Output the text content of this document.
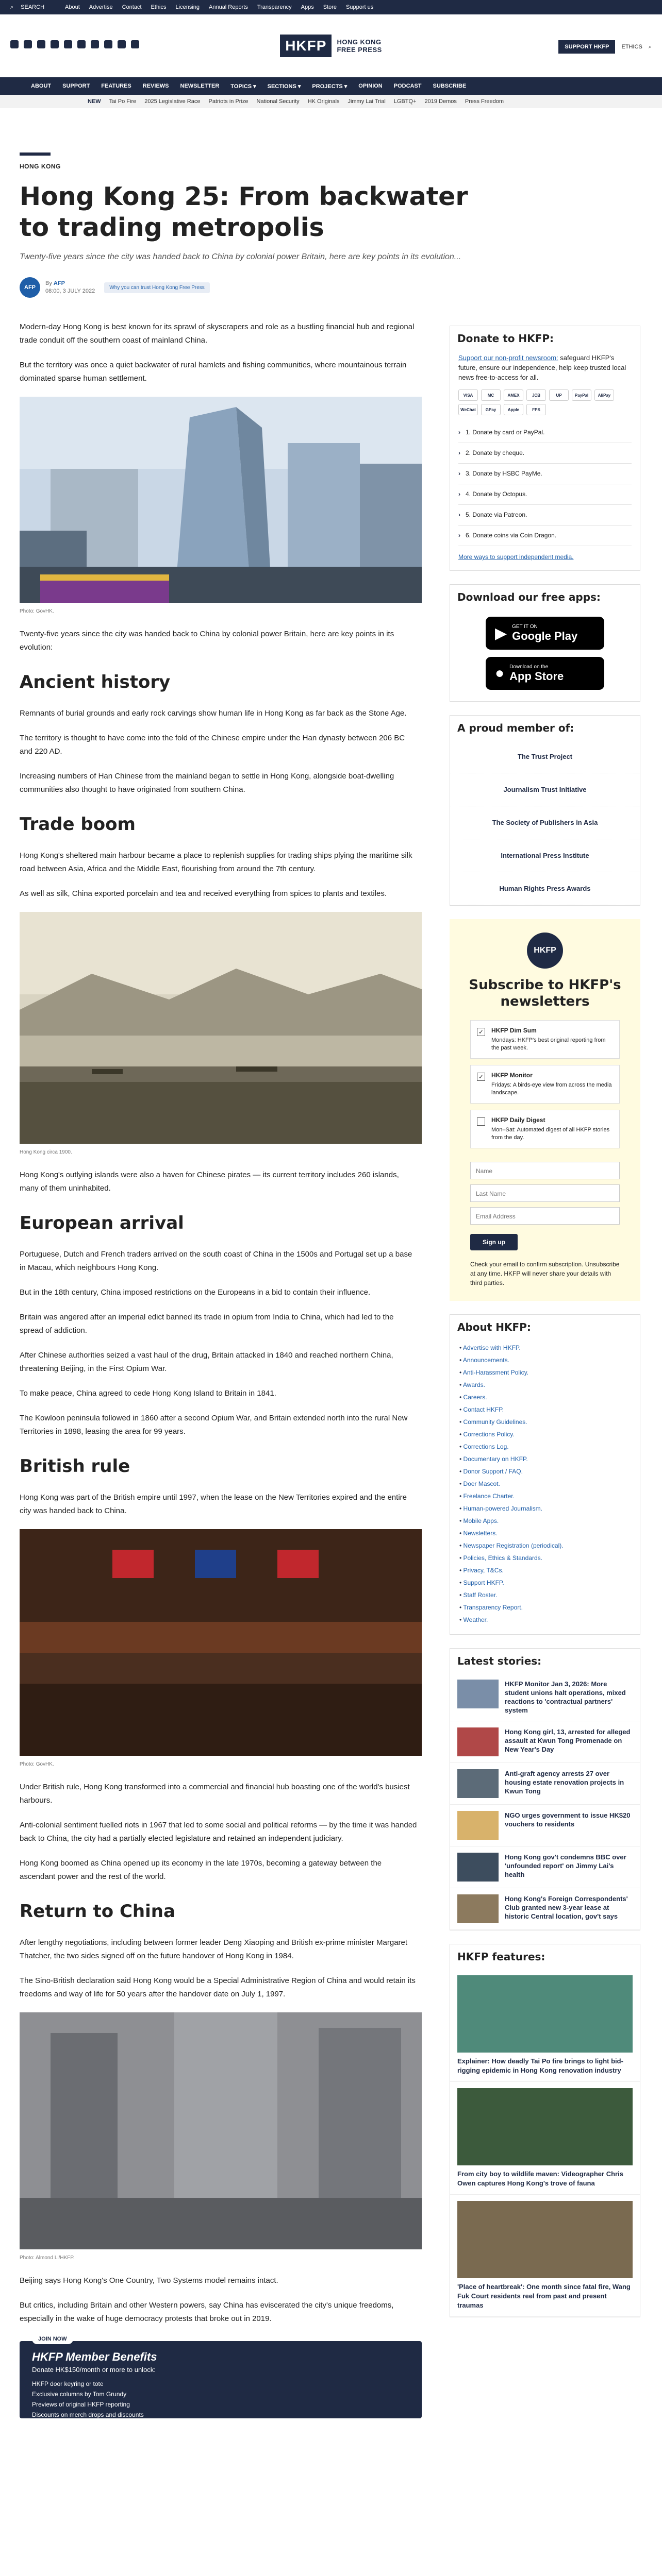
⌕ SEARCH	About Advertise Contact Ethics Licensing Annual Reports Transparency Apps Store Support us
HKFP	HONG KONG
FREE PRESS	SUPPORT HKFP	ETHICS ⌕
ABOUT SUPPORT FEATURES REVIEWS NEWSLETTER TOPICS ▾ SECTIONS ▾ PROJECTS ▾ OPINION PODCAST SUBSCRIBE
NEW Tai Po Fire 2025 Legislative Race Patriots in Prize National Security HK Originals Jimmy Lai Trial LGBTQ+ 2019 Demos Press Freedom
HONG KONG
Hong Kong 25: From backwater to trading metropolis
Twenty-five years since the city was handed back to China by colonial power Britain, here are key points in its evolution...
AFP
By AFP
08:00, 3 JULY 2022
Why you can trust Hong Kong Free Press

Modern-day Hong Kong is best known for its sprawl of skyscrapers and role as a bustling financial hub and regional trade conduit off the southern coast of mainland China.

But the territory was once a quiet backwater of rural hamlets and fishing communities, where mountainous terrain dominated sparse human settlement.

Photo: GovHK.

Twenty-five years since the city was handed back to China by colonial power Britain, here are key points in its evolution:

Ancient history

Remnants of burial grounds and early rock carvings show human life in Hong Kong as far back as the Stone Age.

The territory is thought to have come into the fold of the Chinese empire under the Han dynasty between 206 BC and 220 AD.

Increasing numbers of Han Chinese from the mainland began to settle in Hong Kong, alongside boat-dwelling communities also thought to have originated from southern China.

Trade boom

Hong Kong's sheltered main harbour became a place to replenish supplies for trading ships plying the maritime silk road between Asia, Africa and the Middle East, flourishing from around the 7th century.

As well as silk, China exported porcelain and tea and received everything from spices to plants and textiles.

Hong Kong circa 1900.

Hong Kong's outlying islands were also a haven for Chinese pirates — its current territory includes 260 islands, many of them uninhabited.

European arrival

Portuguese, Dutch and French traders arrived on the south coast of China in the 1500s and Portugal set up a base in Macau, which neighbours Hong Kong.

But in the 18th century, China imposed restrictions on the Europeans in a bid to contain their influence.

Britain was angered after an imperial edict banned its trade in opium from India to China, which had led to the spread of addiction.

After Chinese authorities seized a vast haul of the drug, Britain attacked in 1840 and reached northern China, threatening Beijing, in the First Opium War.

To make peace, China agreed to cede Hong Kong Island to Britain in 1841.

The Kowloon peninsula followed in 1860 after a second Opium War, and Britain extended north into the rural New Territories in 1898, leasing the area for 99 years.

British rule

Hong Kong was part of the British empire until 1997, when the lease on the New Territories expired and the entire city was handed back to China.

Photo: GovHK.

Under British rule, Hong Kong transformed into a commercial and financial hub boasting one of the world's busiest harbours.

Anti-colonial sentiment fuelled riots in 1967 that led to some social and political reforms — by the time it was handed back to China, the city had a partially elected legislature and retained an independent judiciary.

Hong Kong boomed as China opened up its economy in the late 1970s, becoming a gateway between the ascendant power and the rest of the world.

Return to China

After lengthy negotiations, including between former leader Deng Xiaoping and British ex-prime minister Margaret Thatcher, the two sides signed off on the future handover of Hong Kong in 1984.

The Sino-British declaration said Hong Kong would be a Special Administrative Region of China and would retain its freedoms and way of life for 50 years after the handover date on July 1, 1997.

Photo: Almond Li/HKFP.

Beijing says Hong Kong's One Country, Two Systems model remains intact.

But critics, including Britain and other Western powers, say China has eviscerated the city's unique freedoms, especially in the wake of huge democracy protests that broke out in 2019.

JOIN NOW
HKFP Member Benefits
Donate HK$150/month or more to unlock:
HKFP door keyring or tote
Exclusive columns by Tom Grundy
Previews of original HKFP reporting
Discounts on merch drops and discounts
Donate to HKFP:
Support our non-profit newsroom: safeguard HKFP's future, ensure our independence, help keep trusted local news free-to-access for all.
VISA	MC	AMEX	JCB	UP	PayPal	AliPay
WeChat	GPay	Apple	FPS
› 1. Donate by card or PayPal.
› 2. Donate by cheque.
› 3. Donate by HSBC PayMe.
› 4. Donate by Octopus.
› 5. Donate via Patreon.
› 6. Donate coins via Coin Dragon.
More ways to support independent media.
Download our free apps:
▶ GET IT ON
Google Play
● Download on the
App Store
A proud member of:
The Trust Project
Journalism Trust Initiative
The Society of Publishers in Asia
International Press Institute
Human Rights Press Awards
HKFP
Subscribe to HKFP's newsletters
✓ HKFP Dim Sum
Mondays: HKFP's best original reporting from the past week.
✓ HKFP Monitor
Fridays: A birds-eye view from across the media landscape.
HKFP Daily Digest
Mon–Sat: Automated digest of all HKFP stories from the day.
Name
Last Name
Email Address
Sign up
Check your email to confirm subscription. Unsubscribe at any time. HKFP will never share your details with third parties.
About HKFP:
• Advertise with HKFP.
• Announcements.
• Anti-Harassment Policy.
• Awards.
• Careers.
• Contact HKFP.
• Community Guidelines.
• Corrections Policy.
• Corrections Log.
• Documentary on HKFP.
• Donor Support / FAQ.
• Doer Mascot.
• Freelance Charter.
• Human-powered Journalism.
• Mobile Apps.
• Newsletters.
• Newspaper Registration (periodical).
• Policies, Ethics & Standards.
• Privacy, T&Cs.
• Support HKFP.
• Staff Roster.
• Transparency Report.
• Weather.
Latest stories:
HKFP Monitor Jan 3, 2026: More student unions halt operations, mixed reactions to 'contractual partners' system
Hong Kong girl, 13, arrested for alleged assault at Kwun Tong Promenade on New Year's Day
Anti-graft agency arrests 27 over housing estate renovation projects in Kwun Tong
NGO urges government to issue HK$20 vouchers to residents
Hong Kong gov't condemns BBC over 'unfounded report' on Jimmy Lai's health
Hong Kong's Foreign Correspondents' Club granted new 3-year lease at historic Central location, gov't says
HKFP features:
Explainer: How deadly Tai Po fire brings to light bid-rigging epidemic in Hong Kong renovation industry
From city boy to wildlife maven: Videographer Chris Owen captures Hong Kong's trove of fauna
'Place of heartbreak': One month since fatal fire, Wang Fuk Court residents reel from past and present traumas
